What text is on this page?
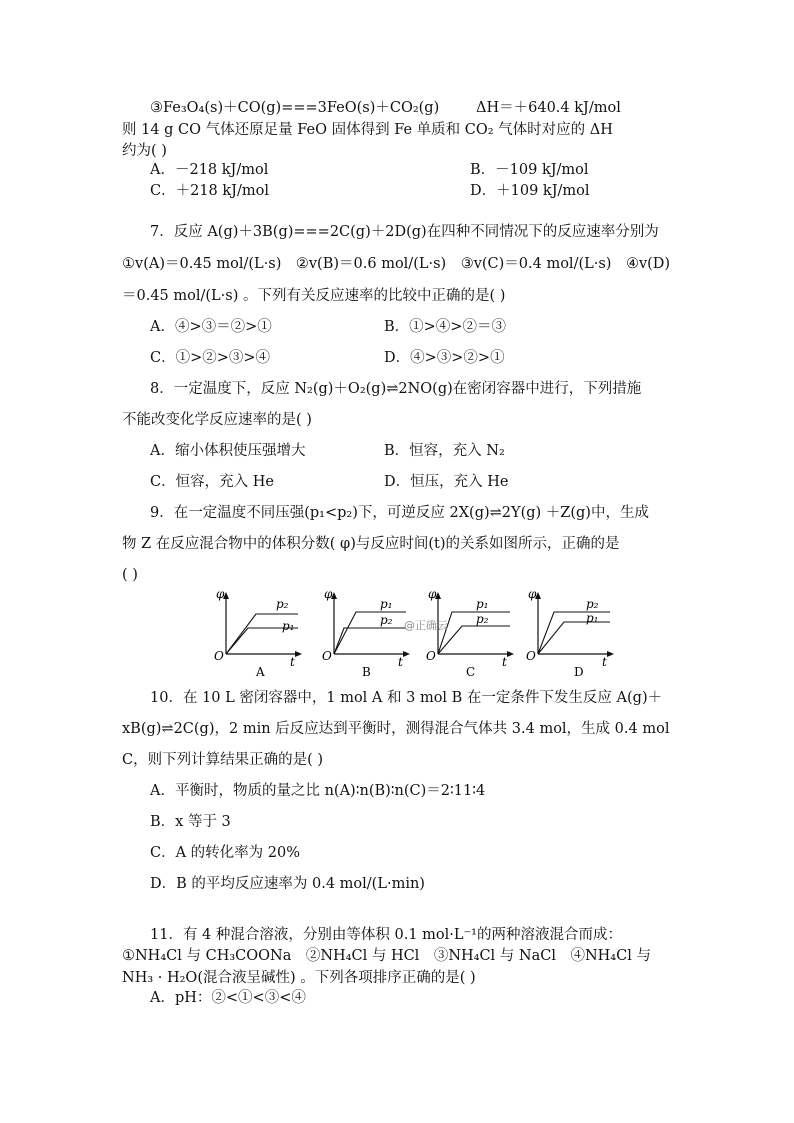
③Fe₃O₄(s)＋CO(g)===3FeO(s)＋CO₂(g)	ΔH＝＋640.4 kJ/mol
则 14 g CO 气体还原足量 FeO 固体得到 Fe 单质和 CO₂ 气体时对应的 ΔH
约为( )
A．－218 kJ/mol	B．－109 kJ/mol
C．＋218 kJ/mol	D．＋109 kJ/mol
7．反应 A(g)＋3B(g)===2C(g)＋2D(g)在四种不同情况下的反应速率分别为
①v(A)＝0.45 mol/(L·s)　②v(B)＝0.6 mol/(L·s)　③v(C)＝0.4 mol/(L·s)　④v(D)
＝0.45 mol/(L·s) 。下列有关反应速率的比较中正确的是( )
A．④>③＝②>①	B．①>④>②＝③
C．①>②>③>④	D．④>③>②>①
8．一定温度下，反应 N₂(g)＋O₂(g)⇌2NO(g)在密闭容器中进行，下列措施
不能改变化学反应速率的是( )
A．缩小体积使压强增大	B．恒容，充入 N₂
C．恒容，充入 He	D．恒压，充入 He
9．在一定温度不同压强(p₁<p₂)下，可逆反应 2X(g)⇌2Y(g) ＋Z(g)中，生成
物 Z 在反应混合物中的体积分数( φ)与反应时间(t)的关系如图所示，正确的是
( )
φ
t
O
p₂
p₁
A
φ
t
O
p₁
p₂
B
φ
t
O
p₁
p₂
C
φ
t
O
p₂
p₁
D
@正确云
10．在 10 L 密闭容器中，1 mol A 和 3 mol B 在一定条件下发生反应 A(g)＋
xB(g)⇌2C(g)，2 min 后反应达到平衡时，测得混合气体共 3.4 mol，生成 0.4 mol
C，则下列计算结果正确的是( )
A．平衡时，物质的量之比 n(A)∶n(B)∶n(C)＝2∶11∶4
B．x 等于 3
C．A 的转化率为 20%
D．B 的平均反应速率为 0.4 mol/(L·min)
11．有 4 种混合溶液，分别由等体积 0.1 mol·L⁻¹的两种溶液混合而成：
①NH₄Cl 与 CH₃COONa　②NH₄Cl 与 HCl　③NH₄Cl 与 NaCl　④NH₄Cl 与
NH₃ · H₂O(混合液呈碱性) 。下列各项排序正确的是( )
A．pH：②<①<③<④
